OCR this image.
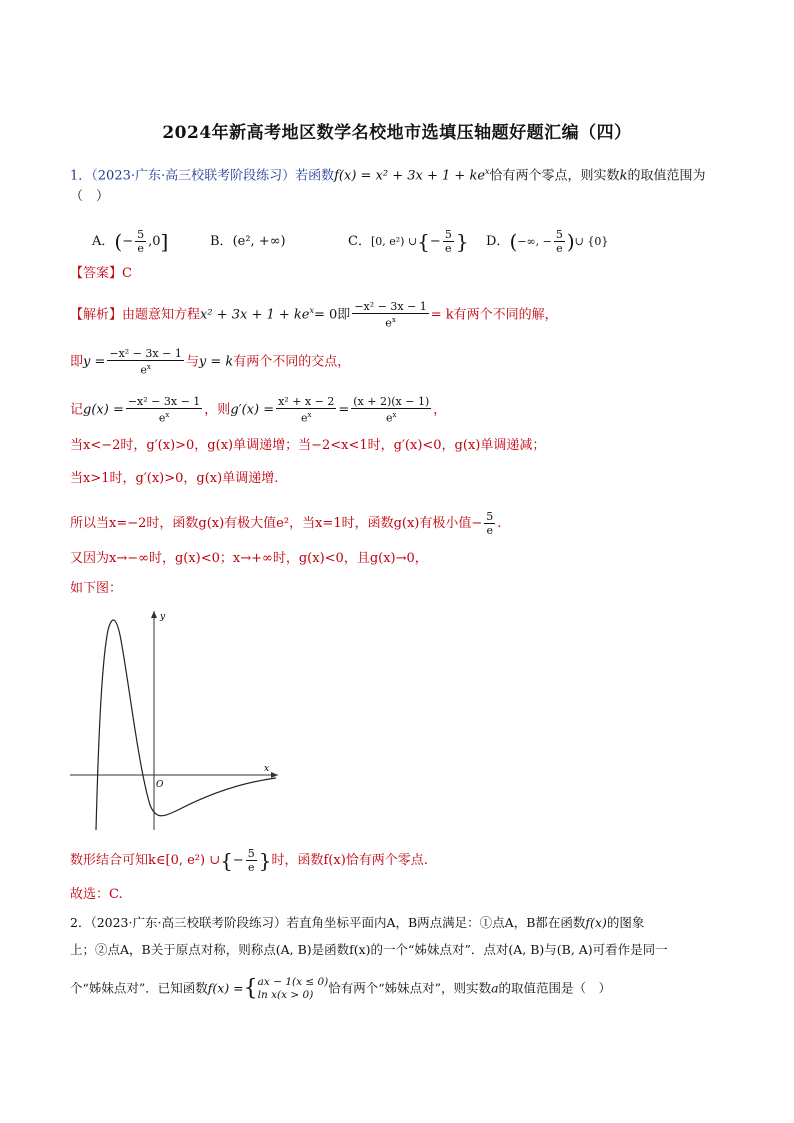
2024年新高考地区数学名校地市选填压轴题好题汇编（四）
1．（2023·广东·高三校联考阶段练习）若函数$f(x) = x^2 + 3x + 1 + ke^x$恰有两个零点，则实数k的取值范围为
（　）
A．(− $\frac{5}{e} ,0$]	B．(e², +∞)	C．[0, e²) ∪{− $\frac{5}{e}$ } D．(−∞, − $\frac{5}{e}$ )∪ {0}
【答案】C
【解析】由题意知方程$x^2 + 3x + 1 + ke^x= 0$即 $\frac{\text{−x² − 3x − 1}}{e^x} = k$有两个不同的解，
即$y = \frac{\text{−x² − 3x − 1}}{e^x}$ 与y = k有两个不同的交点，
记$g(x) = \frac{\text{−x² − 3x − 1}}{e^x}$ ，则$g'(x) = \frac{\text{x² + x − 2}}{e^x} = \frac{(x + 2)(x - 1)}{e^x}$ ，
当x<−2时，g′(x)>0，g(x)单调递增；当−2<x<1时，g′(x)<0，g(x)单调递减；
当x>1时，g′(x)>0，g(x)单调递增.
所以当x=−2时，函数g(x)有极大值e²，当x=1时，函数g(x)有极小值− $\frac{5}{e}$ .
又因为x→−∞时，g(x)<0；x→+∞时，g(x)<0，且g(x)→0，
如下图：
y
x
O
数形结合可知k∈[0, e²) ∪{− $\frac{5}{e}$ }时，函数f(x)恰有两个零点.
故选：C.
2．（2023·广东·高三校联考阶段练习）若直角坐标平面内A，B两点满足：①点A，B都在函数f(x)的图象
上；②点A，B关于原点对称，则称点(A, B)是函数f(x)的一个“姊妹点对”．点对(A, B)与(B, A)可看作是同一
个“姊妹点对”．已知函数f(x) ={ ax − 1(x ≤ 0)
ln x(x > 0)	恰有两个“姊妹点对”，则实数a的取值范围是（　）
